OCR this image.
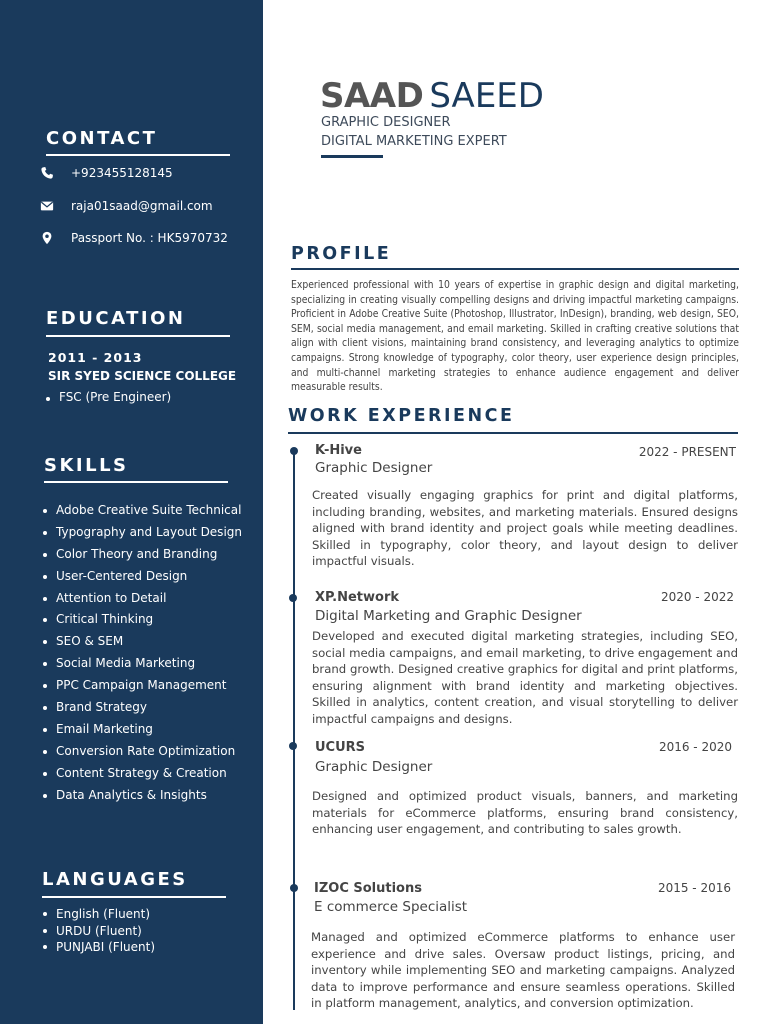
CONTACT
+923455128145
raja01saad@gmail.com
Passport No. : HK5970732
EDUCATION
2011 - 2013
SIR SYED SCIENCE COLLEGE
FSC (Pre Engineer)
SKILLS
Adobe Creative Suite Technical
Typography and Layout Design
Color Theory and Branding
User-Centered Design
Attention to Detail
Critical Thinking
SEO & SEM
Social Media Marketing
PPC Campaign Management
Brand Strategy
Email Marketing
Conversion Rate Optimization
Content Strategy & Creation
Data Analytics & Insights
LANGUAGES
English (Fluent)
URDU (Fluent)
PUNJABI (Fluent)
SAAD SAEED
GRAPHIC DESIGNER
DIGITAL MARKETING EXPERT
PROFILE

Experienced professional with 10 years of expertise in graphic design and digital marketing, specializing in creating visually compelling designs and driving impactful marketing campaigns. Proficient in Adobe Creative Suite (Photoshop, Illustrator, InDesign), branding, web design, SEO, SEM, social media management, and email marketing. Skilled in crafting creative solutions that align with client visions, maintaining brand consistency, and leveraging analytics to optimize campaigns. Strong knowledge of typography, color theory, user experience design principles, and multi-channel marketing strategies to enhance audience engagement and deliver measurable results.

WORK EXPERIENCE
K-Hive	2022 - PRESENT
Graphic Designer

Created visually engaging graphics for print and digital platforms, including branding, websites, and marketing materials. Ensured designs aligned with brand identity and project goals while meeting deadlines. Skilled in typography, color theory, and layout design to deliver impactful visuals.

XP.Network	2020 - 2022
Digital Marketing and Graphic Designer

Developed and executed digital marketing strategies, including SEO, social media campaigns, and email marketing, to drive engagement and brand growth. Designed creative graphics for digital and print platforms, ensuring alignment with brand identity and marketing objectives. Skilled in analytics, content creation, and visual storytelling to deliver impactful campaigns and designs.

UCURS	2016 - 2020
Graphic Designer

Designed and optimized product visuals, banners, and marketing materials for eCommerce platforms, ensuring brand consistency, enhancing user engagement, and contributing to sales growth.

IZOC Solutions	2015 - 2016
E commerce Specialist

Managed and optimized eCommerce platforms to enhance user experience and drive sales. Oversaw product listings, pricing, and inventory while implementing SEO and marketing campaigns. Analyzed data to improve performance and ensure seamless operations. Skilled in platform management, analytics, and conversion optimization.
